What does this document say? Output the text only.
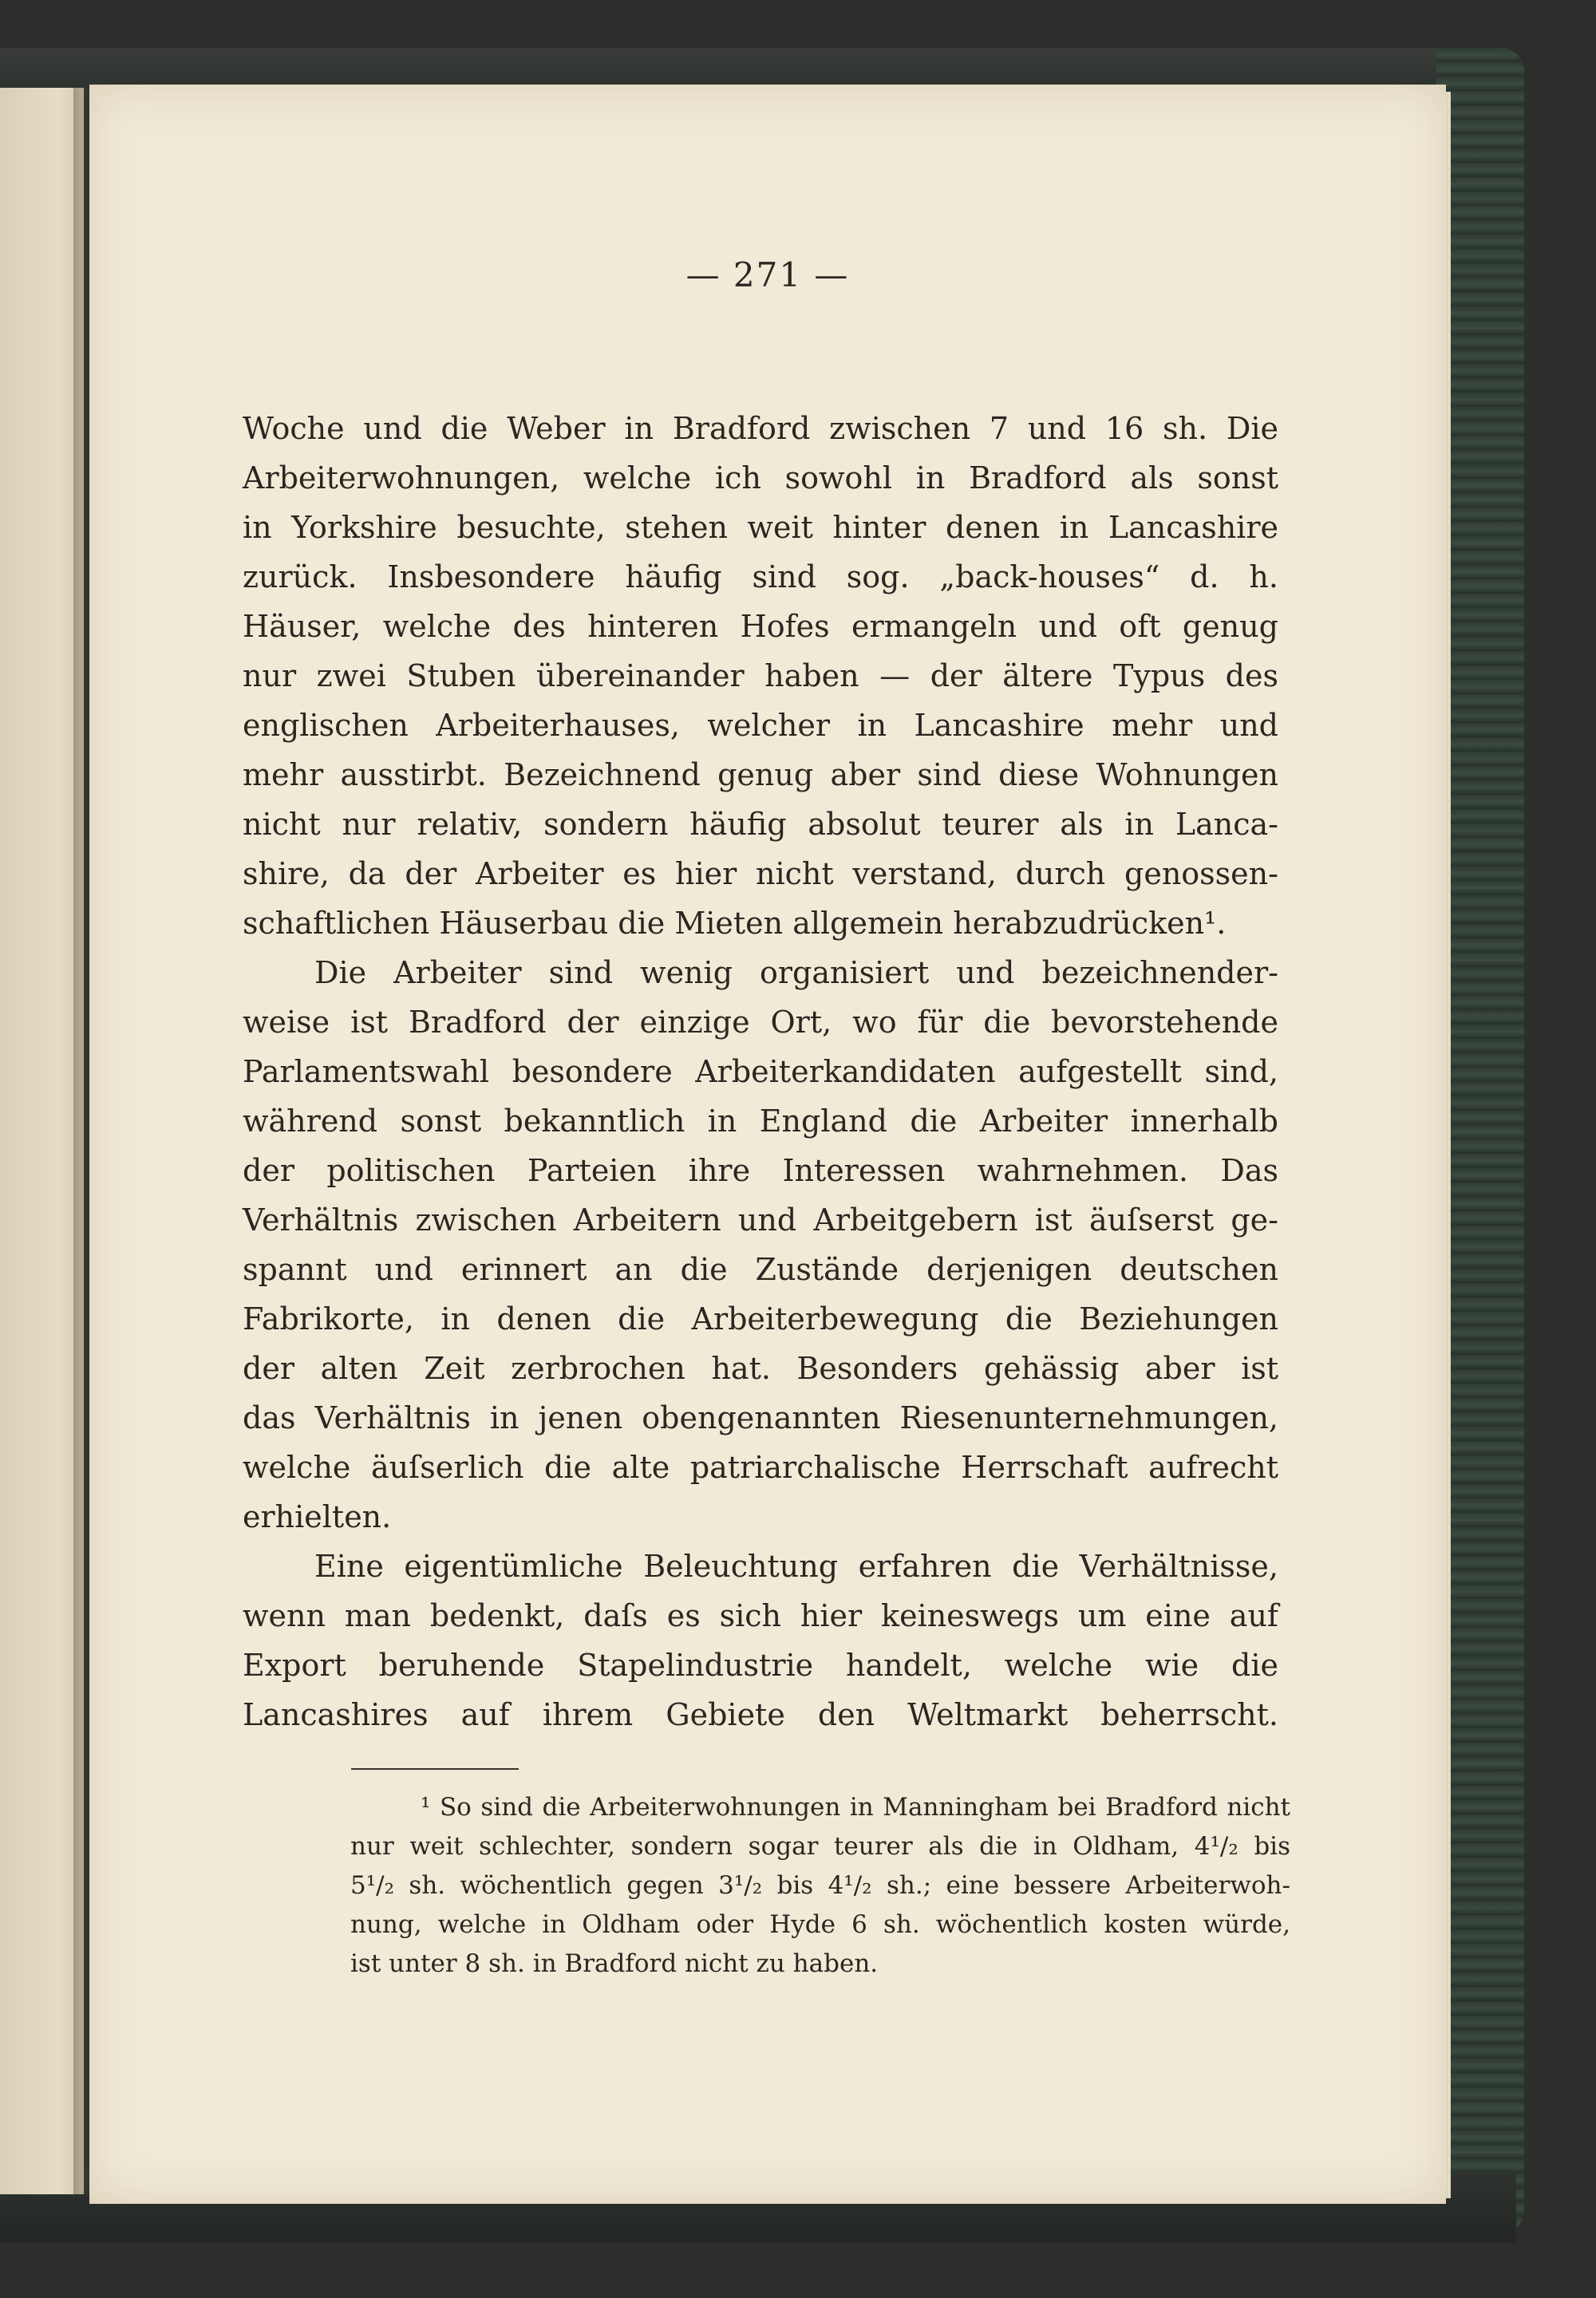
— 271 —
Woche und die Weber in Bradford zwischen 7 und 16 sh. Die
Arbeiterwohnungen, welche ich sowohl in Bradford als sonst
in Yorkshire besuchte, stehen weit hinter denen in Lancashire
zurück. Insbesondere häufig sind sog. „back-houses“ d. h.
Häuser, welche des hinteren Hofes ermangeln und oft genug
nur zwei Stuben übereinander haben — der ältere Typus des
englischen Arbeiterhauses, welcher in Lancashire mehr und
mehr ausstirbt. Bezeichnend genug aber sind diese Wohnungen
nicht nur relativ, sondern häufig absolut teurer als in Lanca-
shire, da der Arbeiter es hier nicht verstand, durch genossen-
schaftlichen Häuserbau die Mieten allgemein herabzudrücken¹.
Die Arbeiter sind wenig organisiert und bezeichnender-
weise ist Bradford der einzige Ort, wo für die bevorstehende
Parlamentswahl besondere Arbeiterkandidaten aufgestellt sind,
während sonst bekanntlich in England die Arbeiter innerhalb
der politischen Parteien ihre Interessen wahrnehmen. Das
Verhältnis zwischen Arbeitern und Arbeitgebern ist äuſserst ge-
spannt und erinnert an die Zustände derjenigen deutschen
Fabrikorte, in denen die Arbeiterbewegung die Beziehungen
der alten Zeit zerbrochen hat. Besonders gehässig aber ist
das Verhältnis in jenen obengenannten Riesenunternehmungen,
welche äuſserlich die alte patriarchalische Herrschaft aufrecht
erhielten.
Eine eigentümliche Beleuchtung erfahren die Verhältnisse,
wenn man bedenkt, daſs es sich hier keineswegs um eine auf
Export beruhende Stapelindustrie handelt, welche wie die
Lancashires auf ihrem Gebiete den Weltmarkt beherrscht.
¹ So sind die Arbeiterwohnungen in Manningham bei Bradford nicht
nur weit schlechter, sondern sogar teurer als die in Oldham, 4¹/₂ bis
5¹/₂ sh. wöchentlich gegen 3¹/₂ bis 4¹/₂ sh.; eine bessere Arbeiterwoh-
nung, welche in Oldham oder Hyde 6 sh. wöchentlich kosten würde,
ist unter 8 sh. in Bradford nicht zu haben.
